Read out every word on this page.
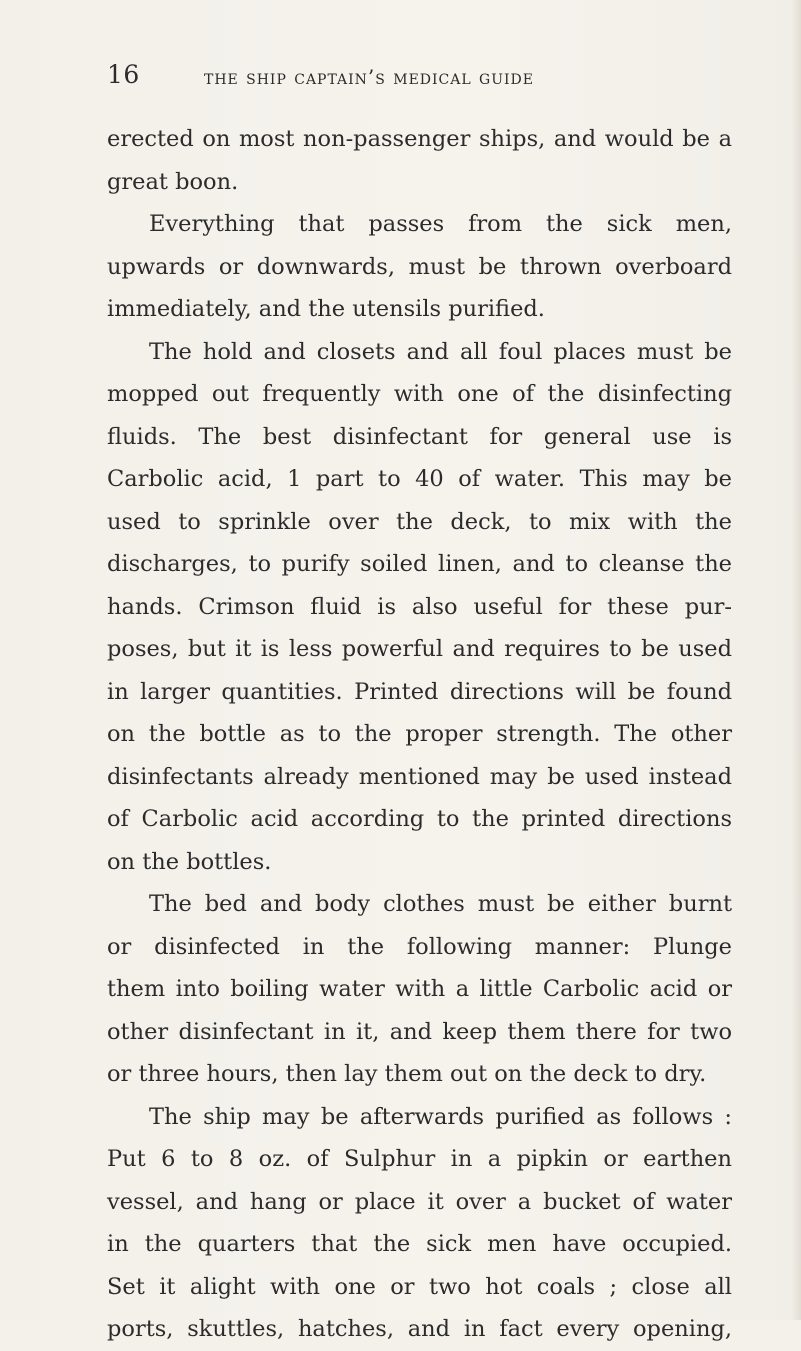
16	the ship captain’s medical guide
erected on most non-passenger ships, and would be a
great boon.
Everything that passes from the sick men,
upwards or downwards, must be thrown overboard
immediately, and the utensils purified.
The hold and closets and all foul places must be
mopped out frequently with one of the disinfecting
fluids. The best disinfectant for general use is
Carbolic acid, 1 part to 40 of water. This may be
used to sprinkle over the deck, to mix with the
discharges, to purify soiled linen, and to cleanse the
hands. Crimson fluid is also useful for these pur-
poses, but it is less powerful and requires to be used
in larger quantities. Printed directions will be found
on the bottle as to the proper strength. The other
disinfectants already mentioned may be used instead
of Carbolic acid according to the printed directions
on the bottles.
The bed and body clothes must be either burnt
or disinfected in the following manner: Plunge
them into boiling water with a little Carbolic acid or
other disinfectant in it, and keep them there for two
or three hours, then lay them out on the deck to dry.
The ship may be afterwards purified as follows :
Put 6 to 8 oz. of Sulphur in a pipkin or earthen
vessel, and hang or place it over a bucket of water
in the quarters that the sick men have occupied.
Set it alight with one or two hot coals ; close all
ports, skuttles, hatches, and in fact every opening,
